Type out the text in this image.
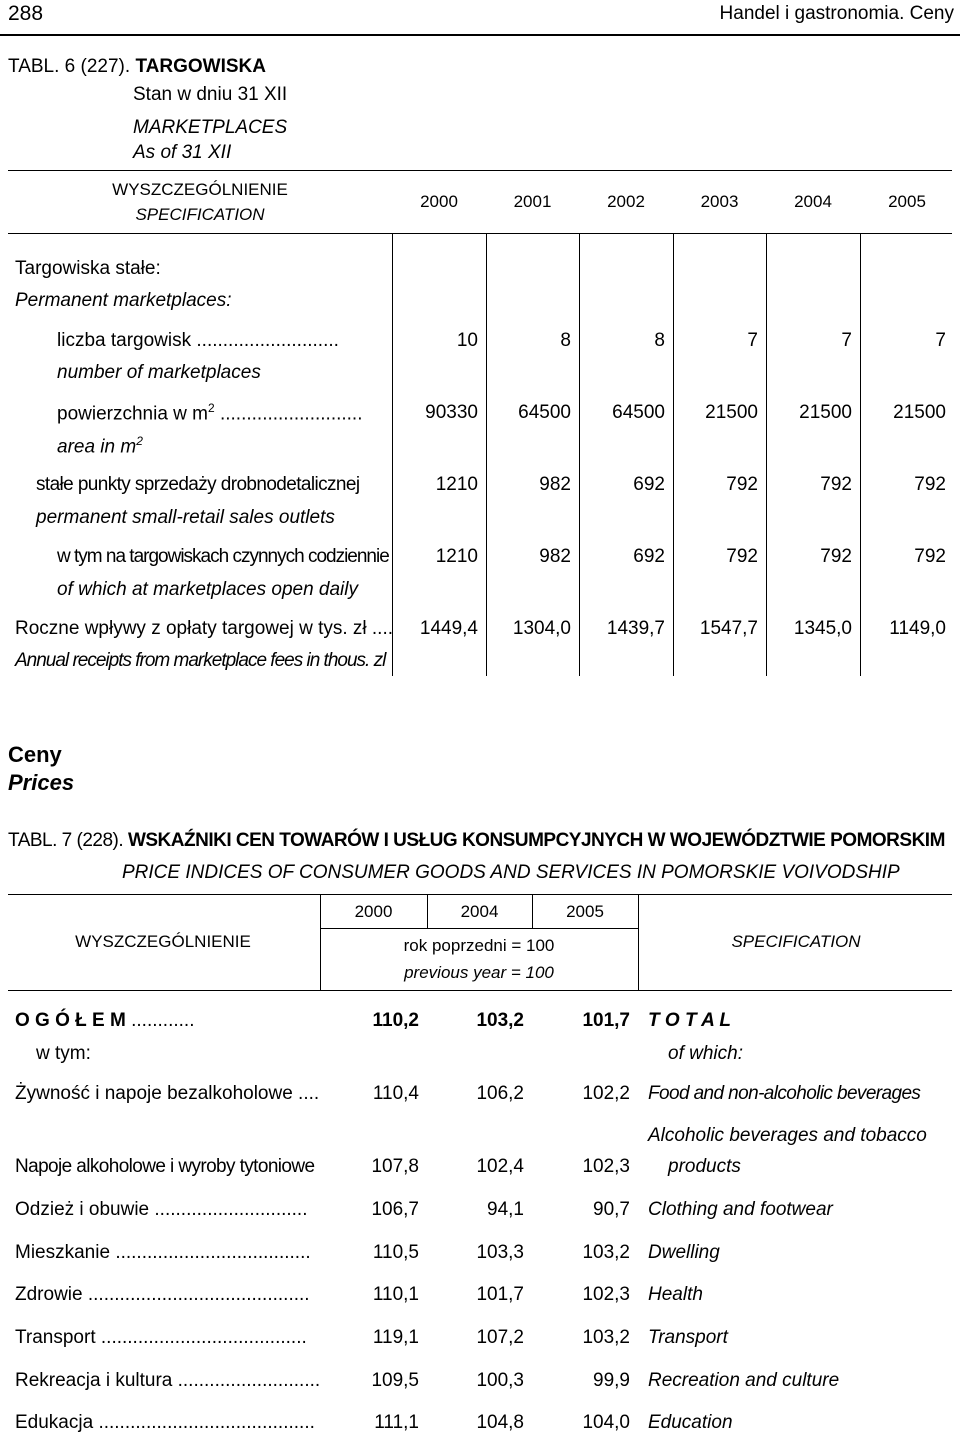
288	Handel i gastronomia. Ceny
TABL. 6 (227). TARGOWISKA
Stan w dniu 31 XII
MARKETPLACES
As of 31 XII
WYSZCZEGÓLNIENIE
SPECIFICATION
2000	2001	2002	2003	2004	2005
Targowiska stałe:
Permanent marketplaces:
liczba targowisk ...........................
number of marketplaces
10	8	8	7	7	7
powierzchnia w $m^2$ ...........................
area in $m^2$
90330	64500	64500	21500	21500	21500
stałe punkty sprzedaży drobnodetalicznej
permanent small-retail sales outlets
1210	982	692	792	792	792
w tym na targowiskach czynnych codziennie
of which at marketplaces open daily
1210	982	692	792	792	792
Roczne wpływy z opłaty targowej w tys. zł ....
Annual receipts from marketplace fees in thous. zl
1449,4	1304,0	1439,7	1547,7	1345,0	1149,0
Ceny
Prices
TABL. 7 (228). WSKAŹNIKI CEN TOWARÓW I USŁUG KONSUMPCYJNYCH W WOJEWÓDZTWIE POMORSKIM
PRICE INDICES OF CONSUMER GOODS AND SERVICES IN POMORSKIE VOIVODSHIP
WYSZCZEGÓLNIENIE	SPECIFICATION
2000	2004	2005
rok poprzedni = 100
previous year = 100
O G Ó Ł E M ............	110,2	103,2	101,7 T O T A L
w tym:	of which:
Żywność i napoje bezalkoholowe ....	110,4	106,2	102,2 Food and non-alcoholic beverages
Alcoholic beverages and tobacco
Napoje alkoholowe i wyroby tytoniowe	107,8	102,4	102,3 products
Odzież i obuwie .............................	106,7	94,1	90,7 Clothing and footwear
Mieszkanie .....................................	110,5	103,3	103,2 Dwelling
Zdrowie ..........................................	110,1	101,7	102,3 Health
Transport .......................................	119,1	107,2	103,2 Transport
Rekreacja i kultura ...........................	109,5	100,3	99,9 Recreation and culture
Edukacja .........................................	111,1	104,8	104,0 Education
